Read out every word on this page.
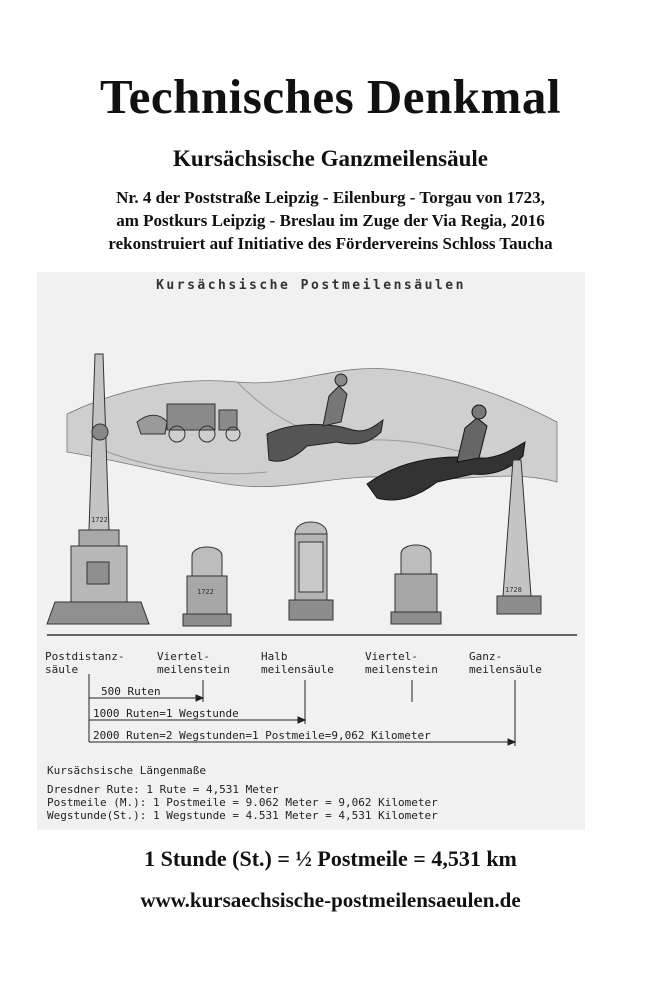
Technisches Denkmal
Kursächsische Ganzmeilensäule
Nr. 4 der Poststraße Leipzig - Eilenburg - Torgau von 1723,
am Postkurs Leipzig - Breslau im Zuge der Via Regia, 2016
rekonstruiert auf Initiative des Fördervereins Schloss Taucha
1722
1722	1728
Kursächsische Postmeilensäulen
Postdistanz-
säule
Viertel-
meilenstein
Halb
meilensäule
Viertel-
meilenstein
Ganz-
meilensäule
500 Ruten
1000 Ruten=1 Wegstunde
2000 Ruten=2 Wegstunden=1 Postmeile=9,062 Kilometer
Kursächsische Längenmaße
Dresdner Rute: 1 Rute = 4,531 Meter
Postmeile (M.): 1 Postmeile = 9.062 Meter = 9,062 Kilometer
Wegstunde(St.): 1 Wegstunde = 4.531 Meter = 4,531 Kilometer
1 Stunde (St.) = ½ Postmeile = 4,531 km
www.kursaechsische-postmeilensaeulen.de
